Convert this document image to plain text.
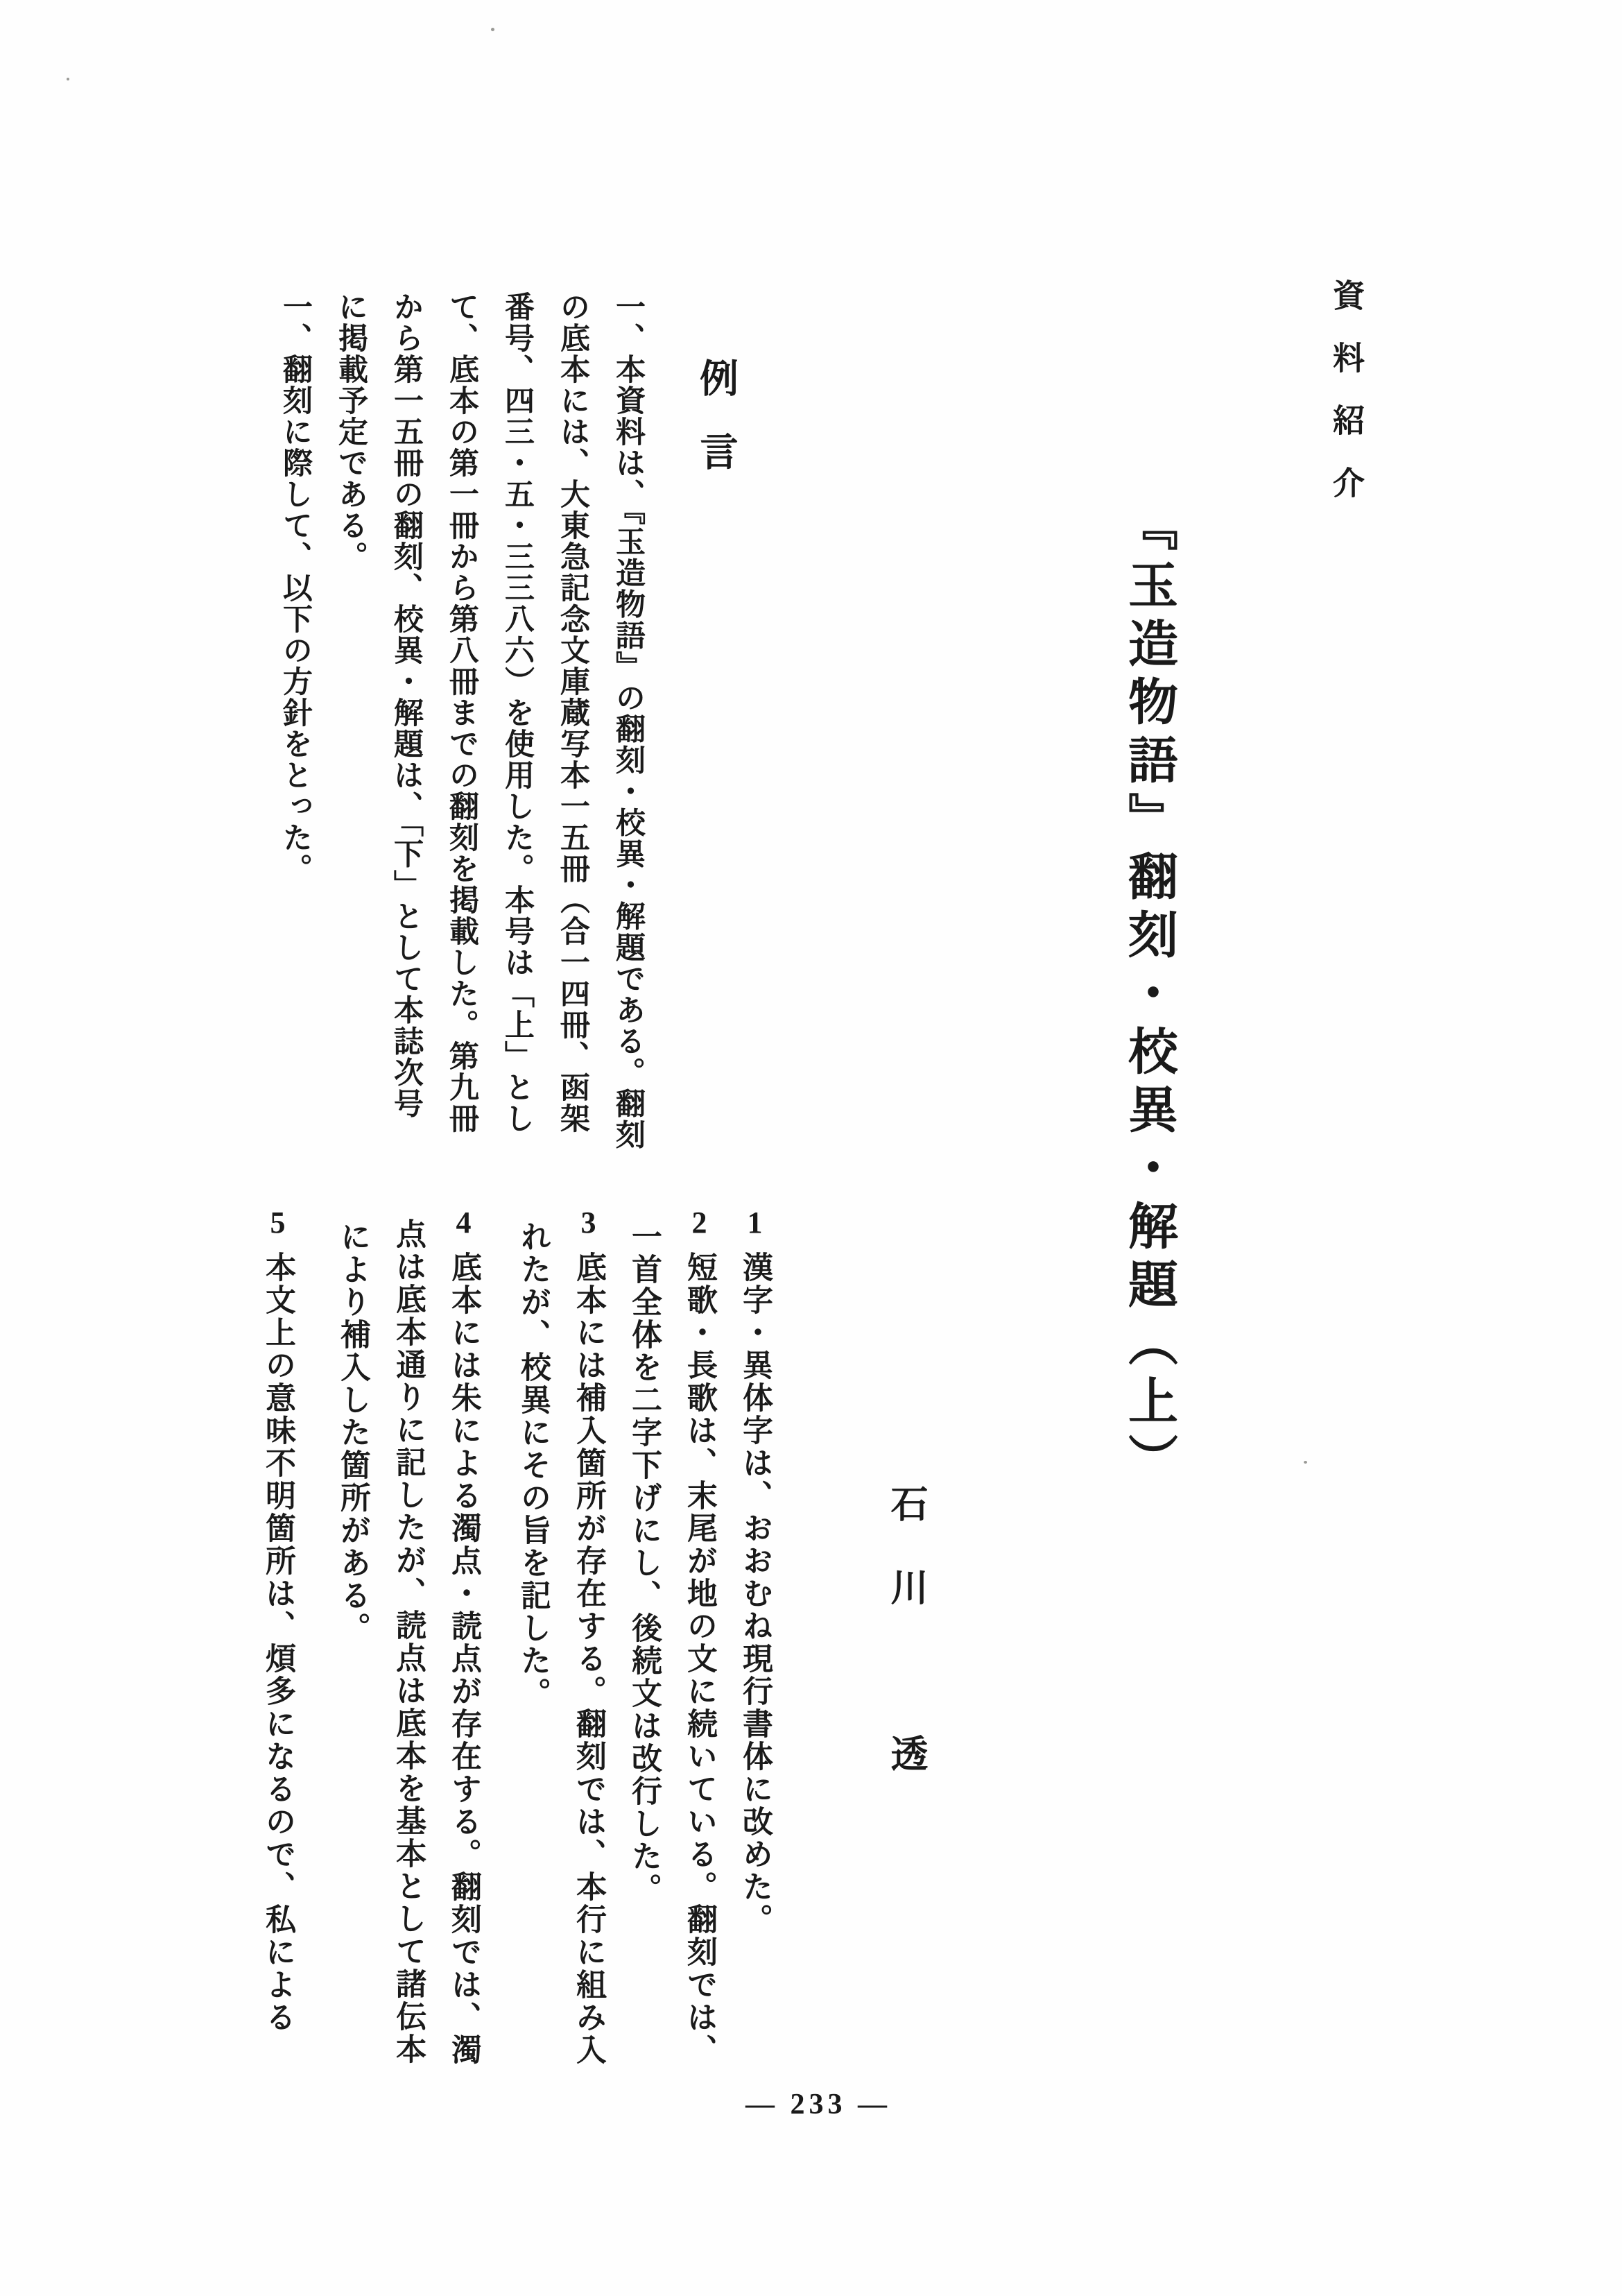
資料紹介
『玉造物語』翻刻・校異・解題（上）
石川　透
例言
一、本資料は、『玉造物語』の翻刻・校異・解題である。翻刻
の底本には、大東急記念文庫蔵写本一五冊（合一四冊、函架
番号、四三・五・三三八六）を使用した。本号は「上」とし
て、底本の第一冊から第八冊までの翻刻を掲載した。第九冊
から第一五冊の翻刻、校異・解題は、「下」として本誌次号
に掲載予定である。
一、翻刻に際して、以下の方針をとった。
1漢字・異体字は、おおむね現行書体に改めた。
2短歌・長歌は、末尾が地の文に続いている。翻刻では、
一首全体を二字下げにし、後続文は改行した。
3底本には補入箇所が存在する。翻刻では、本行に組み入
れたが、校異にその旨を記した。
4底本には朱による濁点・読点が存在する。翻刻では、濁
点は底本通りに記したが、読点は底本を基本として諸伝本
により補入した箇所がある。
5本文上の意味不明箇所は、煩多になるので、私による
— 233 —
